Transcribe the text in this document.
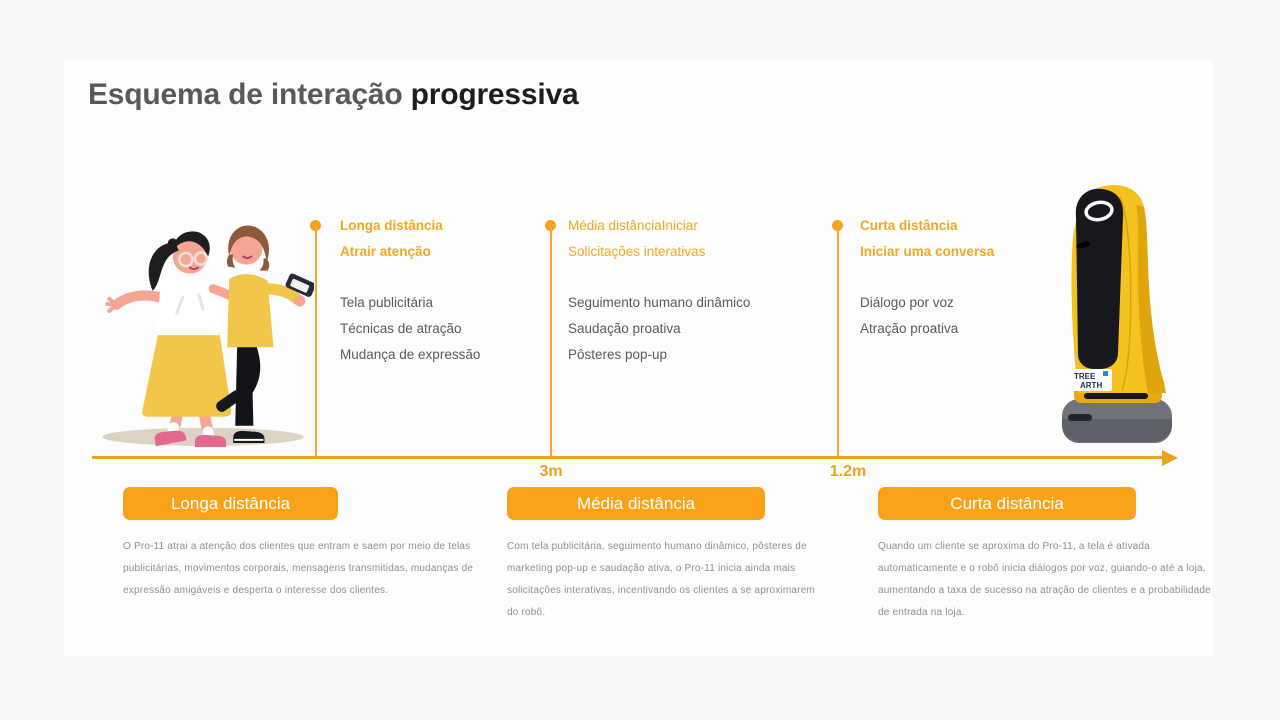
Esquema de interação progressiva
TREE
ARTH
Longa distância
Atrair atenção
Tela publicitária
Técnicas de atração
Mudança de expressão
Média distânciaIniciar
Solicitações interativas
Seguimento humano dinâmico
Saudação proativa
Pôsteres pop-up
Curta distância
Iniciar uma conversa
Diálogo por voz
Atração proativa
3m	1.2m
Longa distância	Média distância	Curta distância
O Pro-11 atrai a atenção dos clientes que entram e saem por meio de telas publicitárias, movimentos corporais, mensagens transmitidas, mudanças de expressão amigáveis e desperta o interesse dos clientes.
Com tela publicitária, seguimento humano dinâmico, pôsteres de marketing pop-up e saudação ativa, o Pro-11 inicia ainda mais solicitações interativas, incentivando os clientes a se aproximarem do robô.
Quando um cliente se aproxima do Pro-11, a tela é ativada automaticamente e o robô inicia diálogos por voz, guiando-o até a loja, aumentando a taxa de sucesso na atração de clientes e a probabilidade de entrada na loja.
